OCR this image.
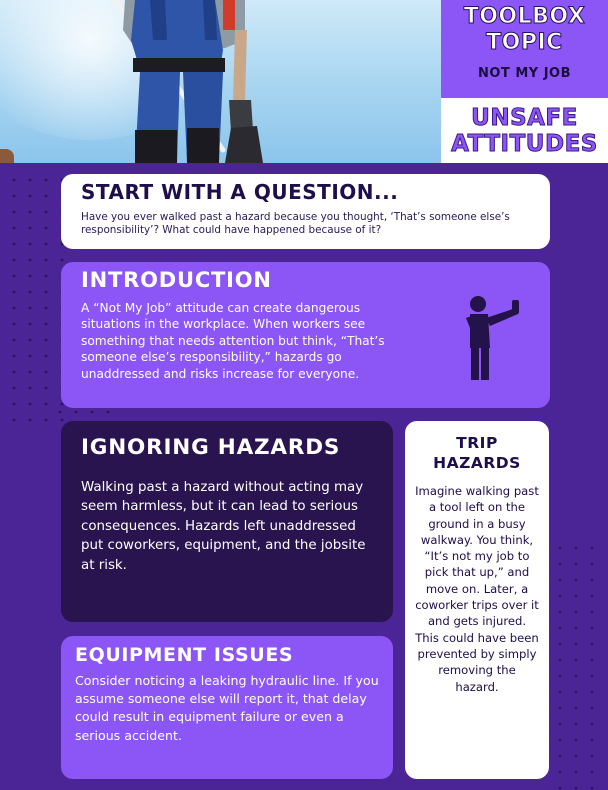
TOOLBOX
TOPIC
NOT MY JOB
UNSAFE
ATTITUDES
START WITH A QUESTION...
Have you ever walked past a hazard because you thought, ‘That’s someone else’s responsibility’? What could have happened because of it?
INTRODUCTION
A “Not My Job” attitude can create dangerous situations in the workplace. When workers see something that needs attention but think, “That’s someone else’s responsibility,” hazards go unaddressed and risks increase for everyone.
IGNORING HAZARDS
Walking past a hazard without acting may seem harmless, but it can lead to serious consequences. Hazards left unaddressed put coworkers, equipment, and the jobsite at risk.
EQUIPMENT ISSUES
Consider noticing a leaking hydraulic line. If you assume someone else will report it, that delay could result in equipment failure or even a serious accident.
TRIP
HAZARDS
Imagine walking past a tool left on the ground in a busy walkway. You think, “It’s not my job to pick that up,” and move on. Later, a coworker trips over it and gets injured. This could have been prevented by simply removing the hazard.
